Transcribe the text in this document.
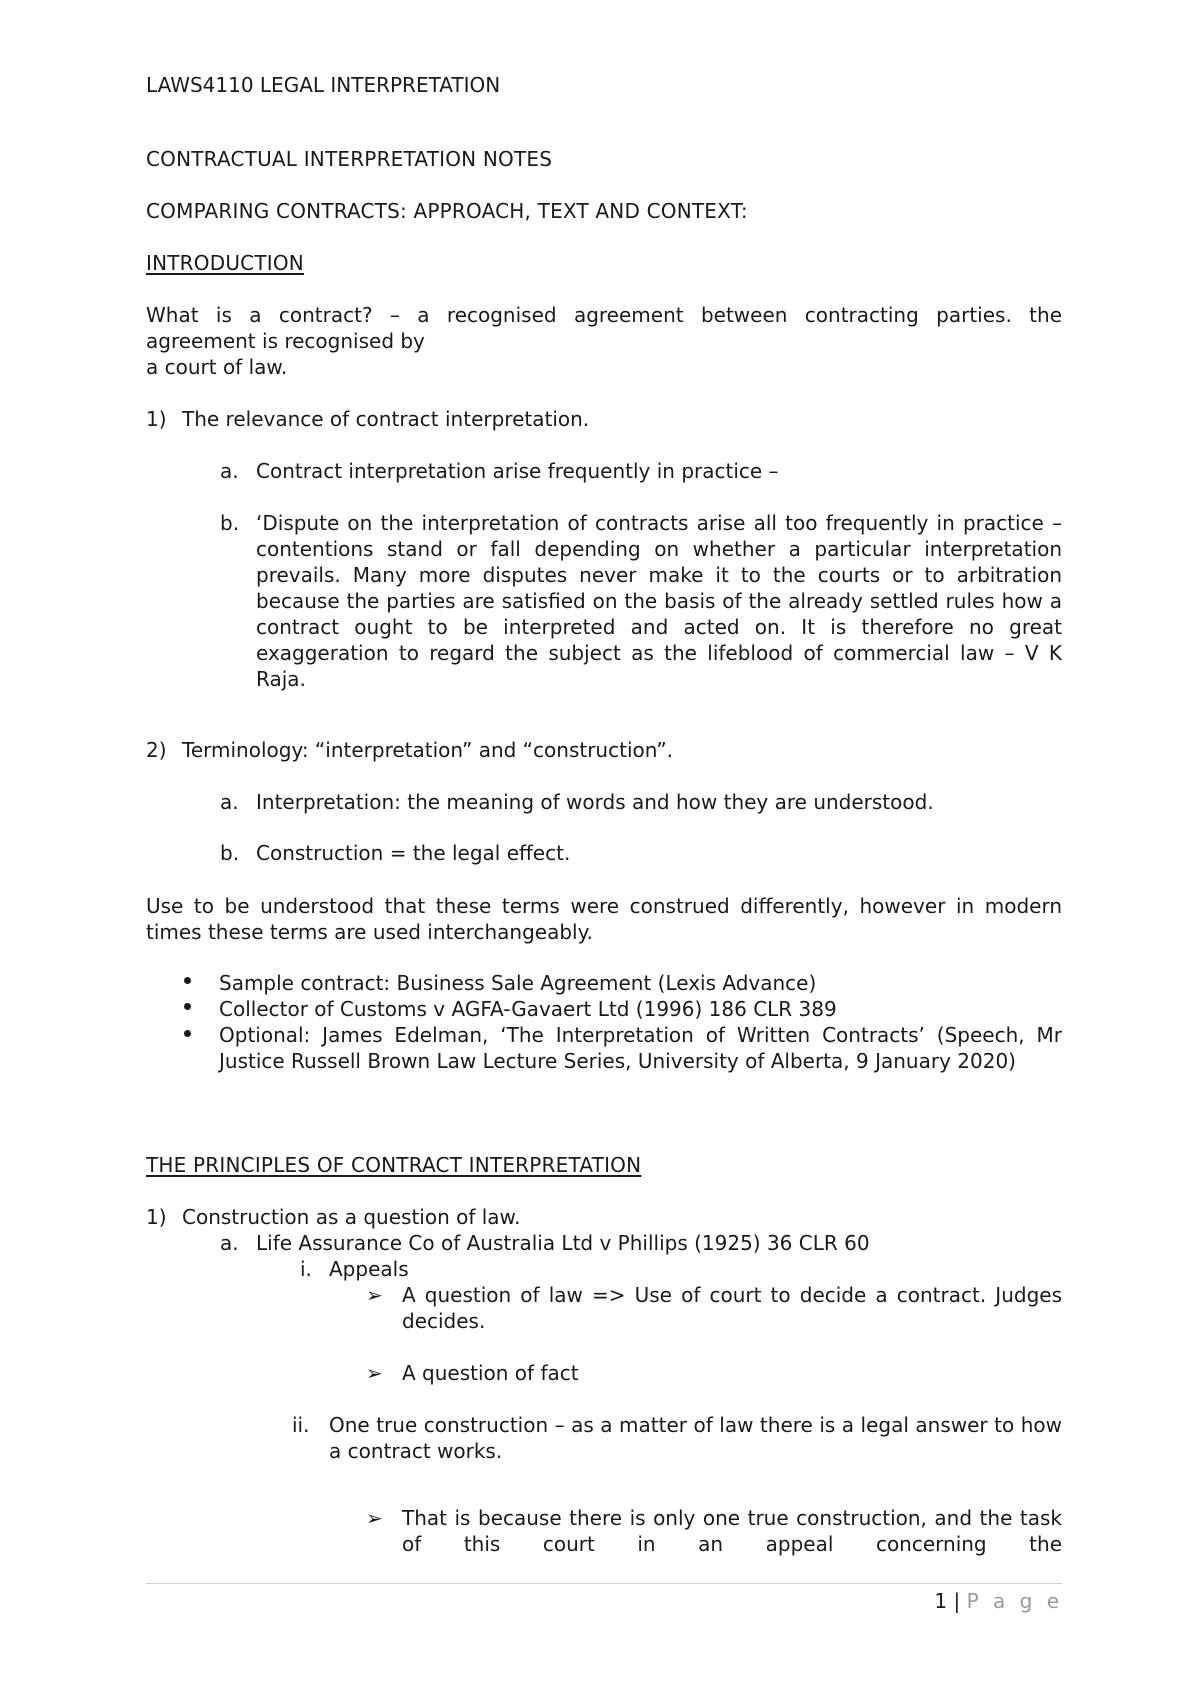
LAWS4110 LEGAL INTERPRETATION
CONTRACTUAL INTERPRETATION NOTES
COMPARING CONTRACTS: APPROACH, TEXT AND CONTEXT:
INTRODUCTION
What is a contract? – a recognised agreement between contracting parties. the
agreement is recognised by
a court of law.
1) The relevance of contract interpretation.
a. Contract interpretation arise frequently in practice –
b. ‘Dispute on the interpretation of contracts arise all too frequently in practice – contentions stand or fall depending on whether a particular interpretation prevails. Many more disputes never make it to the courts or to arbitration because the parties are satisfied on the basis of the already settled rules how a contract ought to be interpreted and acted on. It is therefore no great exaggeration to regard the subject as the lifeblood of commercial law – V K Raja.
2) Terminology: “interpretation” and “construction”.
a. Interpretation: the meaning of words and how they are understood.
b. Construction = the legal effect.
Use to be understood that these terms were construed differently, however in modern times these terms are used interchangeably.
Sample contract: Business Sale Agreement (Lexis Advance)
Collector of Customs v AGFA-Gavaert Ltd (1996) 186 CLR 389
Optional: James Edelman, ‘The Interpretation of Written Contracts’ (Speech, Mr Justice Russell Brown Law Lecture Series, University of Alberta, 9 January 2020)
THE PRINCIPLES OF CONTRACT INTERPRETATION
1) Construction as a question of law.
a. Life Assurance Co of Australia Ltd v Phillips (1925) 36 CLR 60
i. Appeals
➢ A question of law => Use of court to decide a contract. Judges decides.
➢ A question of fact
ii. One true construction – as a matter of law there is a legal answer to how a contract works.
➢ That is because there is only one true construction, and the task of this court in an appeal concerning the
1 | P a g e
